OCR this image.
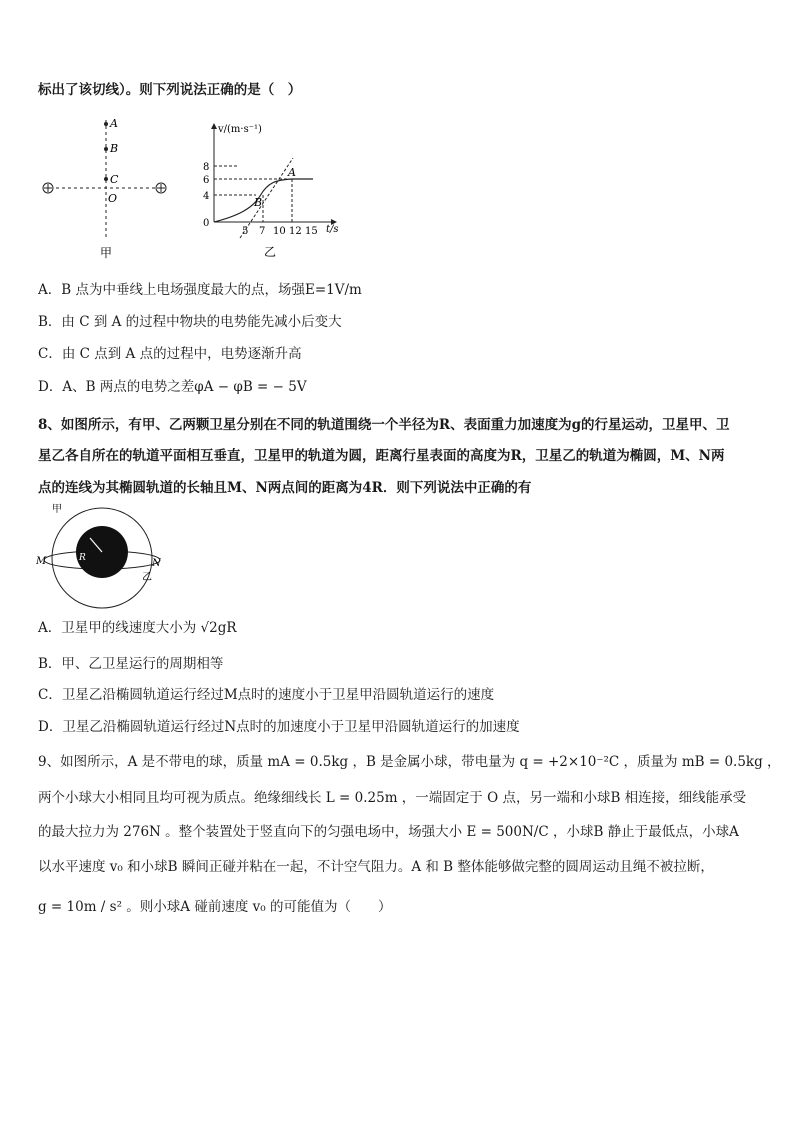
标出了该切线）。则下列说法正确的是（　）
A
B
C
O
甲
v/(m·s⁻¹)
t/s
8
6
4
0
5 7 10 12 15
A
B
乙
A．B 点为中垂线上电场强度最大的点，场强E=1V/m
B．由 C 到 A 的过程中物块的电势能先减小后变大
C．由 C 点到 A 点的过程中，电势逐渐升高
D．A、B 两点的电势之差φA − φB = − 5V
8、如图所示，有甲、乙两颗卫星分别在不同的轨道围绕一个半径为R、表面重力加速度为g的行星运动，卫星甲、卫
星乙各自所在的轨道平面相互垂直，卫星甲的轨道为圆，距离行星表面的高度为R，卫星乙的轨道为椭圆，M、N两
点的连线为其椭圆轨道的长轴且M、N两点间的距离为4R．则下列说法中正确的有
R
甲
M	N
乙
A．卫星甲的线速度大小为 √2gR
B．甲、乙卫星运行的周期相等
C．卫星乙沿椭圆轨道运行经过M点时的速度小于卫星甲沿圆轨道运行的速度
D．卫星乙沿椭圆轨道运行经过N点时的加速度小于卫星甲沿圆轨道运行的加速度
9、如图所示，A 是不带电的球，质量 mA = 0.5kg ，B 是金属小球，带电量为 q = +2×10⁻²C ，质量为 mB = 0.5kg ，
两个小球大小相同且均可视为质点。绝缘细线长 L = 0.25m ，一端固定于 O 点，另一端和小球B 相连接，细线能承受
的最大拉力为 276N 。整个装置处于竖直向下的匀强电场中，场强大小 E = 500N/C ，小球B 静止于最低点，小球A
以水平速度 v₀ 和小球B 瞬间正碰并粘在一起，不计空气阻力。A 和 B 整体能够做完整的圆周运动且绳不被拉断，
g = 10m / s² 。则小球A 碰前速度 v₀ 的可能值为（　　）
